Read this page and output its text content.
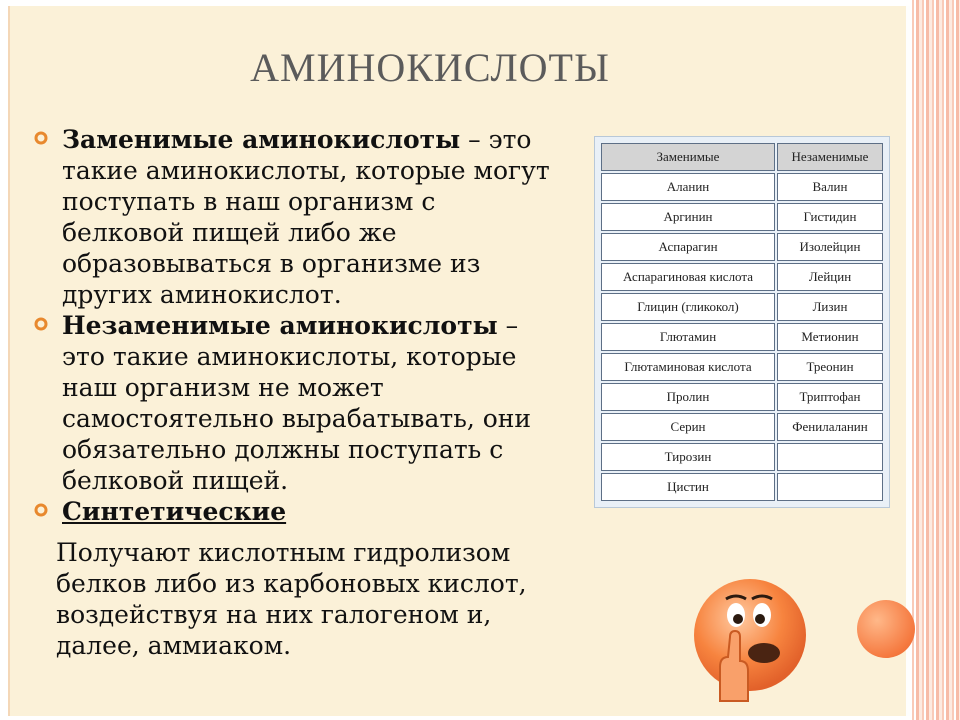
АМИНОКИСЛОТЫ
Заменимые аминокислоты – это такие аминокислоты, которые могут поступать в наш организм с белковой пищей либо же образовываться в организме из других аминокислот.
Незаменимые аминокислоты – это такие аминокислоты, которые наш организм не может самостоятельно вырабатывать, они обязательно должны поступать с белковой пищей.
Синтетические
Получают кислотным гидролизом белков либо из карбоновых кислот, воздействуя на них галогеном и, далее, аммиаком.
Заменимые	Незаменимые
Аланин	Валин
Аргинин	Гистидин
Аспарагин	Изолейцин
Аспарагиновая кислота	Лейцин
Глицин (гликокол)	Лизин
Глютамин	Метионин
Глютаминовая кислота	Треонин
Пролин	Триптофан
Серин	Фенилаланин
Тирозин	
Цистин	
